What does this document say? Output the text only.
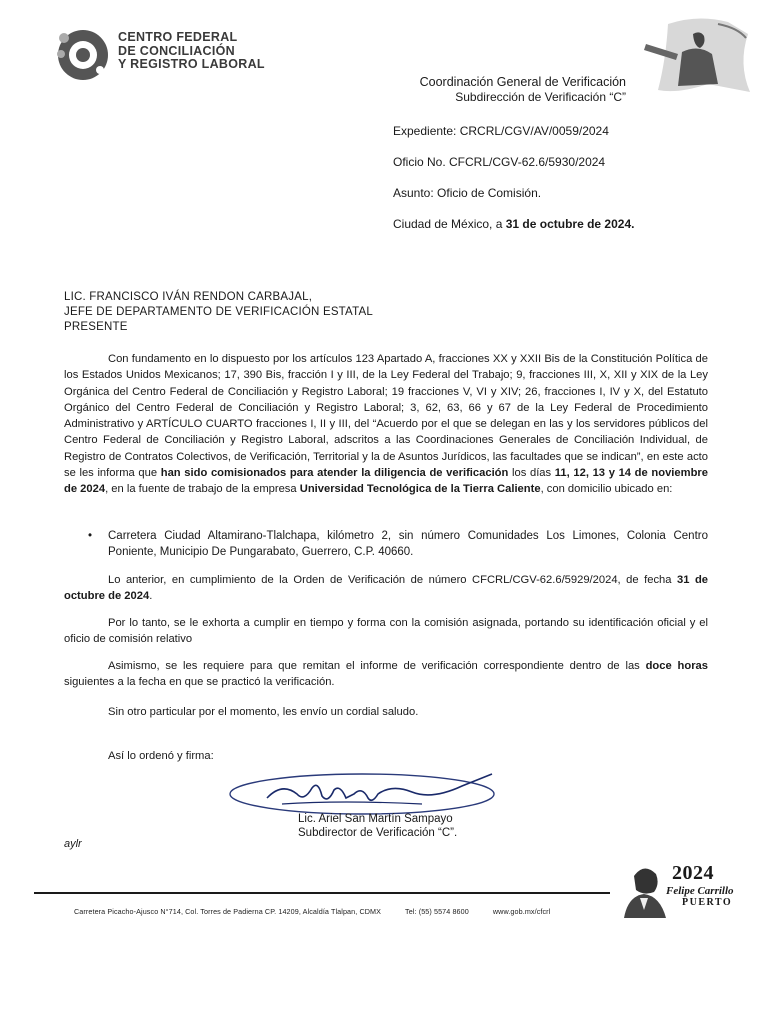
CENTRO FEDERAL
DE CONCILIACIÓN
Y REGISTRO LABORAL
Coordinación General de Verificación
Subdirección de Verificación “C”
Expediente: CRCRL/CGV/AV/0059/2024
Oficio No. CFCRL/CGV-62.6/5930/2024
Asunto: Oficio de Comisión.
Ciudad de México, a 31 de octubre de 2024.
LIC. FRANCISCO IVÁN RENDON CARBAJAL,
JEFE DE DEPARTAMENTO DE VERIFICACIÓN ESTATAL
PRESENTE

Con fundamento en lo dispuesto por los artículos 123 Apartado A, fracciones XX y XXII Bis de la Constitución Política de los Estados Unidos Mexicanos; 17, 390 Bis, fracción I y III, de la Ley Federal del Trabajo; 9, fracciones III, X, XII y XIX de la Ley Orgánica del Centro Federal de Conciliación y Registro Laboral; 19 fracciones V, VI y XIV; 26, fracciones I, IV y X, del Estatuto Orgánico del Centro Federal de Conciliación y Registro Laboral; 3, 62, 63, 66 y 67 de la Ley Federal de Procedimiento Administrativo y ARTÍCULO CUARTO fracciones I, II y III, del “Acuerdo por el que se delegan en las y los servidores públicos del Centro Federal de Conciliación y Registro Laboral, adscritos a las Coordinaciones Generales de Conciliación Individual, de Registro de Contratos Colectivos, de Verificación, Territorial y la de Asuntos Jurídicos, las facultades que se indican”, en este acto se les informa que han sido comisionados para atender la diligencia de verificación los días 11, 12, 13 y 14 de noviembre de 2024, en la fuente de trabajo de la empresa Universidad Tecnológica de la Tierra Caliente, con domicilio ubicado en:

• Carretera Ciudad Altamirano-Tlalchapa, kilómetro 2, sin número Comunidades Los Limones, Colonia Centro Poniente, Municipio De Pungarabato, Guerrero, C.P. 40660.
Lo anterior, en cumplimiento de la Orden de Verificación de número CFCRL/CGV-62.6/5929/2024, de fecha 31 de octubre de 2024.
Por lo tanto, se le exhorta a cumplir en tiempo y forma con la comisión asignada, portando su identificación oficial y el oficio de comisión relativo
Asimismo, se les requiere para que remitan el informe de verificación correspondiente dentro de las doce horas siguientes a la fecha en que se practicó la verificación.
Sin otro particular por el momento, les envío un cordial saludo.
Así lo ordenó y firma:
Lic. Ariel San Martín Sampayo
Subdirector de Verificación “C”.
aylr
Carretera Picacho-Ajusco N°714, Col. Torres de Padierna CP. 14209, Alcaldía Tlalpan, CDMX	Tel: (55) 5574 8600	www.gob.mx/cfcrl
2024
Felipe Carrillo
PUERTO
